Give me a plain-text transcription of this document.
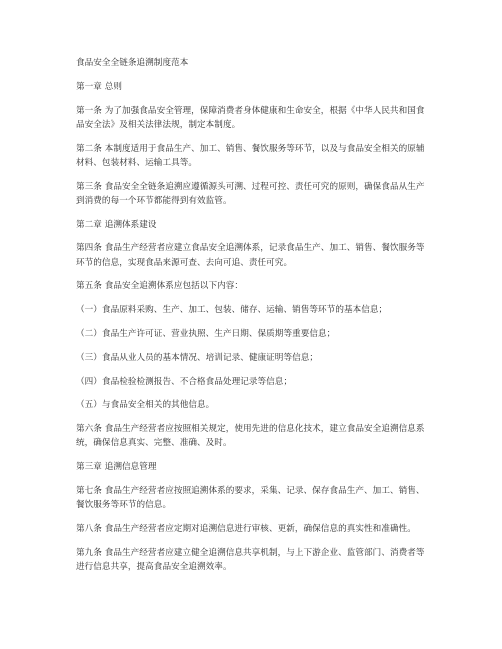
食品安全全链条追溯制度范本

第一章 总则

第一条 为了加强食品安全管理，保障消费者身体健康和生命安全，根据《中华人民共和国食品安全法》及相关法律法规，制定本制度。

第二条 本制度适用于食品生产、加工、销售、餐饮服务等环节，以及与食品安全相关的原辅材料、包装材料、运输工具等。

第三条 食品安全全链条追溯应遵循源头可溯、过程可控、责任可究的原则，确保食品从生产到消费的每一个环节都能得到有效监管。

第二章 追溯体系建设

第四条 食品生产经营者应建立食品安全追溯体系，记录食品生产、加工、销售、餐饮服务等环节的信息，实现食品来源可查、去向可追、责任可究。

第五条 食品安全追溯体系应包括以下内容：

（一）食品原料采购、生产、加工、包装、储存、运输、销售等环节的基本信息；

（二）食品生产许可证、营业执照、生产日期、保质期等重要信息；

（三）食品从业人员的基本情况、培训记录、健康证明等信息；

（四）食品检验检测报告、不合格食品处理记录等信息；

（五）与食品安全相关的其他信息。

第六条 食品生产经营者应按照相关规定，使用先进的信息化技术，建立食品安全追溯信息系统，确保信息真实、完整、准确、及时。

第三章 追溯信息管理

第七条 食品生产经营者应按照追溯体系的要求，采集、记录、保存食品生产、加工、销售、餐饮服务等环节的信息。

第八条 食品生产经营者应定期对追溯信息进行审核、更新，确保信息的真实性和准确性。

第九条 食品生产经营者应建立健全追溯信息共享机制，与上下游企业、监管部门、消费者等进行信息共享，提高食品安全追溯效率。
